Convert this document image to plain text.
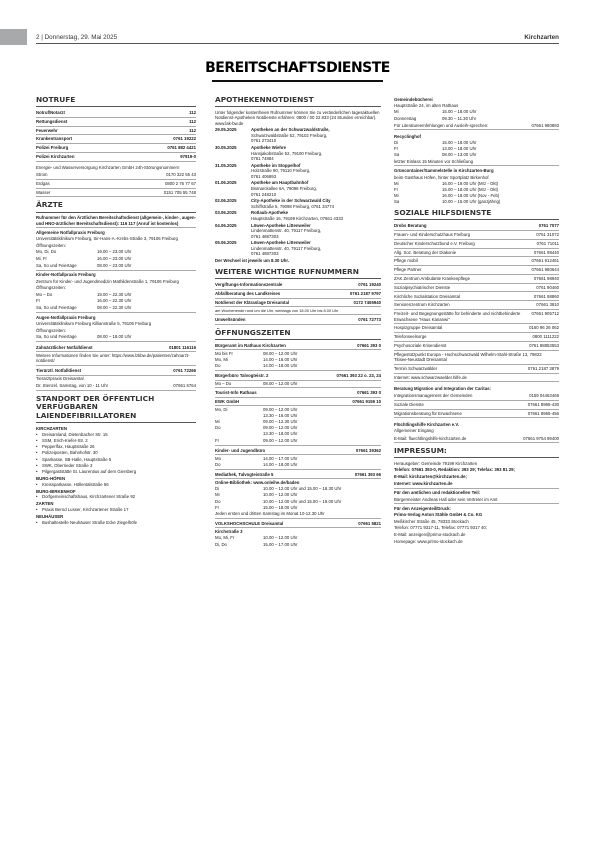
2 | Donnerstag, 29. Mai 2025	Kirchzarten
BEREITSCHAFTSDIENSTE
NOTRUFE
Notruf/Notarzt	112
Rettungsdienst	112
Feuerwehr	112
Krankentransport	0761 19222
Polizei Freiburg	0761 882 4421
Polizei Kirchzarten	97919-0
Energie- und Wasserversorgung Kirchzarten GmbH 24h-Störungsnummern
Strom	0170 322 55 43
Erdgas	0800 2 76 77 67
Wasser	0151 705 55 748
ÄRZTE
Rufnummer für den Ärztlichen Bereitschaftsdienst (allgemein-, kinder-, augen- und HNO-ärztlicher Bereitschaftsdienst): 116 117 (Anruf ist kostenlos)
Allgemeine Notfallpraxis Freiburg
Universitätsklinikum Freiburg, Sir-Hans-A.-Krebs-Straße 3, 79106 Freiburg
Öffnungszeiten:
Mo, Di, Do	19.00 – 23.00 Uhr
Mi, Fr	16.00 – 23.00 Uhr
Sa, So und Feiertage	08.00 – 23.00 Uhr
Kinder-Notfallpraxis Freiburg
Zentrum für Kinder- und Jugendmedizin Mathildenstraße 1, 79106 Freiburg
Öffnungszeiten:
Mo – Do	19.00 – 22.30 Uhr
Fr	16.00 – 22.30 Uhr
Sa, So und Feiertage	08.00 – 22.30 Uhr
Augen-Notfallpraxis Freiburg
Universitätsklinikum Freiburg Killianstraße 5, 79106 Freiburg
Öffnungszeiten:
Sa, So und Feiertage	08.00 – 18.00 Uhr
Zahnärztlicher Notfalldienst	01801 116116
Weitere Informationen finden Sie unter: https://www.lzkbw.de/patienten/zahnarzt-notdienst/
Tierärztl. Notfalldienst	0761 72266
Tierarztpraxis Dreisamtal
Dr. Stenzel, Samstag, von 10 - 11 Uhr	07661 5764
STANDORT DER ÖFFENTLICH VERFÜGBAREN LAIENDEFIBRILLATOREN
KIRCHZARTEN
• Dreisamland, Dietenbacher Str. 15
• SSM, Erich-Kiefer-Str. 2
• Pepperlfax, Hauptstraße 26
• Polizeiposten, Bahnhofstr. 30
• Sparkasse, SB-Halle, Hauptstraße 5
• SWK, Oberrieder Straße 3
• Pilgergaststätte St. Laurentius auf dem Giersberg
BURG-HÖFEN
• Kreissparkasse, Höllentalstraße 56
BURG-BIRKENHOF
• Dorfgemeinschaftshaus, Kirchzartener Straße 92
ZARTEN
• Praxis Bernd Lusser, Kirchzartener Straße 17
NEUHÄUSER
• Bushaltestelle Neuhäuser Straße Ecke Ziegelhöfe
APOTHEKENNOTDIENST
Unter folgender kostenfreien Rufnummer können Sie zu veränderlichen tagesaktuellen Notdienst-Apotheken Notdienste erfahren: 0800 / 00 22 833 (24 Stunden erreichbar). www.lak-bw.de
29.05.2025	Apotheken an der Schwarzwaldstraße,
Schwarzwaldstraße 52, 79102 Freiburg,
0761 273410
30.05.2025	Apotheke Wiehre
Hansjakobstraße 52, 79100 Freiburg,
0761 74884
31.05.2025	Apotheke im Stoppelhof
Holzstraße 90, 79110 Freiburg,
0761 406993
01.06.2025	Apotheke am Hauptbahnhof
Bismarckallee 6A, 79098 Freiburg,
0761 248210
02.06.2025	City-Apotheke in der Schwarzwald City
Schiffstraße 5, 79098 Freiburg, 0761 34774
03.06.2025	Rotlaub-Apotheke
Hauptstraße 16, 79199 Kirchzarten, 07661 4333
04.06.2025	Löwen-Apotheke Littenweiler
Lindenmattenstr. 40, 79117 Freiburg,
0761 4887303
05.06.2025	Löwen-Apotheke Littenweiler
Lindenmattenstr. 40, 79117 Freiburg,
0761 4887303
Der Wechsel ist jeweils um 8.30 Uhr.
WEITERE WICHTIGE RUFNUMMERN
Vergiftungs-Informationszentrale	0761 19240
Abfallberatung des Landkreises	0761 2187 9797
Notdienst der Kläranlage Dreisamtal	0172 7455940
am Wochenende rund um die Uhr, werktags von 18.00 Uhr bis 8.00 Uhr
Umweltsünden	0761 72773
ÖFFNUNGSZEITEN
Bürgeramt im Rathaus Kirchzarten	07661 393 0
Mo bis Fr	08.00 – 12.00 Uhr
Mo, Mi	14.00 – 16.00 Uhr
Do	14.00 – 18.00 Uhr
Bürgerbüro Talvogteistr. 2	07661 393 22 o. 23, 24
Mo – Do	08.00 – 12.00 Uhr
Tourist-Info Rathaus	07661 393 0
EWK GmbH	07661 9159 10
Mo, Di	09.00 – 12.00 Uhr
13.30 – 16.00 Uhr
Mi	09.00 – 12.30 Uhr
Do	09.00 – 12.00 Uhr
13.30 – 18.00 Uhr
Fr	09.00 – 12.00 Uhr
Kinder- und Jugendbüro	07661 39362
Mo	14.00 – 17.00 Uhr
Do	14.00 – 18.00 Uhr
Mediathek, Talvogteistraße 5	07661 393 66
Online-Bibliothek: www.onleihe.de/baden
Di	10.00 – 12.00 Uhr und 15.00 – 18.30 Uhr
Mi	10.00 – 12.00 Uhr
Do	10.00 – 12.00 Uhr und 15.00 – 19.00 Uhr
Fr	15.00 – 18.00 Uhr
Jeden ersten und dritten Samstag im Monat 10-12.30 Uhr
VOLKSHOCHSCHULE Dreisamtal	07661 5821
Kirchstraße 3
Mo, Mi, Fr	10.00 – 12.00 Uhr
Di, Do	15.00 – 17.00 Uhr
Gemeindebücherei
Hauptstraße 24, im alten Rathaus
Mi	15.00 – 18.00 Uhr
Donnerstag	09.30 – 11.30 Uhr
Für Literatureemfehlungen und Ausleih-sprechen:	07661 980893
Recyclinghof
Di	15.00 – 18.00 Uhr
Fr	13.00 – 18.00 Uhr
Sa	08.00 – 13.00 Uhr
letzter Einlass 15 Minuten vor Schließung
Grüncontainer/Sammelstelle in Kirchzarten-Burg
beim Gasthaus Höfen, hinter Sportplatz Birkenhof
Mi	16.00 – 19.00 Uhr (Mrz - Okt)
Fr	15.00 – 18.00 Uhr (Mrz - Okt)
Mi	16.00 – 18.00 Uhr (Nov - Feb)
Sa	10.00 – 15.00 Uhr (ganzjährig)
SOZIALE HILFSDIENSTE
Drobs Beratung	0761 7077
Frauen- und Kinderschutzhaus Freiburg	0761 31072
Deutscher Kinderschutzbund e.V. Freiburg	0761 71011
Allg. Soz. Beratung der Diakonie	07661 98440
Pflege mobil	07661 912461
Pflege Partner	07661 980644
ZAK Zentrum Ambulante Krankenpflege	07661 98940
Sozialpsychiatrischer Dienste	0761 90460
Kirchliche Sozialstation Dreisamtal	07661 98860
Seniorenzentrum Kirchzarten	07661 3910
Freizeit- und Begegnungsstätte für behinderte und nichtbehinderte Erwachsene "Haus Kananwi"
07661 905712
Hospizgruppe Dreisamtal	0160 96 26 062
Telefonseelsorge	0800 1111222
Psychosoziale Krisendienst	0761 88853553
Pflegestützpunkt Europa - Hochschwarzwald Wilhelm-Stahl-Straße 13, 79822 Titisee-Neustadt Dreisamtal
Termin Schwarzwälder	0761 2187 3879
Internet: www.schwarzwaelder.hilfe.de
Beratung Migration und Integration der Caritas:
Integrationsmanagement der Gemeinden	0159 04463469
Soziale Dienste	07661 8965-430
Migrationsberatung für Erwachsene	07661 8965-456
Flüchtlingshilfe Kirchzarten e.V.
Allgemeiner Eingang
E-Mail: fluechtlingshilfe-kirchzarten.de	07661 9754 99400
IMPRESSUM:
Herausgeber: Gemeinde 79199 Kirchzarten
Telefon: 07661 393-0, Redaktion: 393 29; Telefax: 393 81 29;
E-Mail: kirchzarten@kirchzarten.de;
Internet: www.kirchzarten.de
Für den amtlichen und redaktionellen Teil:
Bürgermeister Andreas Hall oder sein Vertreter im Amt
Für den Anzeigenteil/Druck:
Primo-Verlag Anton Stähle GmbH & Co. KG
Meßkircher Straße 45, 78333 Stockach
Telefon: 07771 9317-11, Telefax: 07771 9317 40;
E-Mail: anzeigen@primo-stockach.de
Homepage: www.primo-stockach.de
